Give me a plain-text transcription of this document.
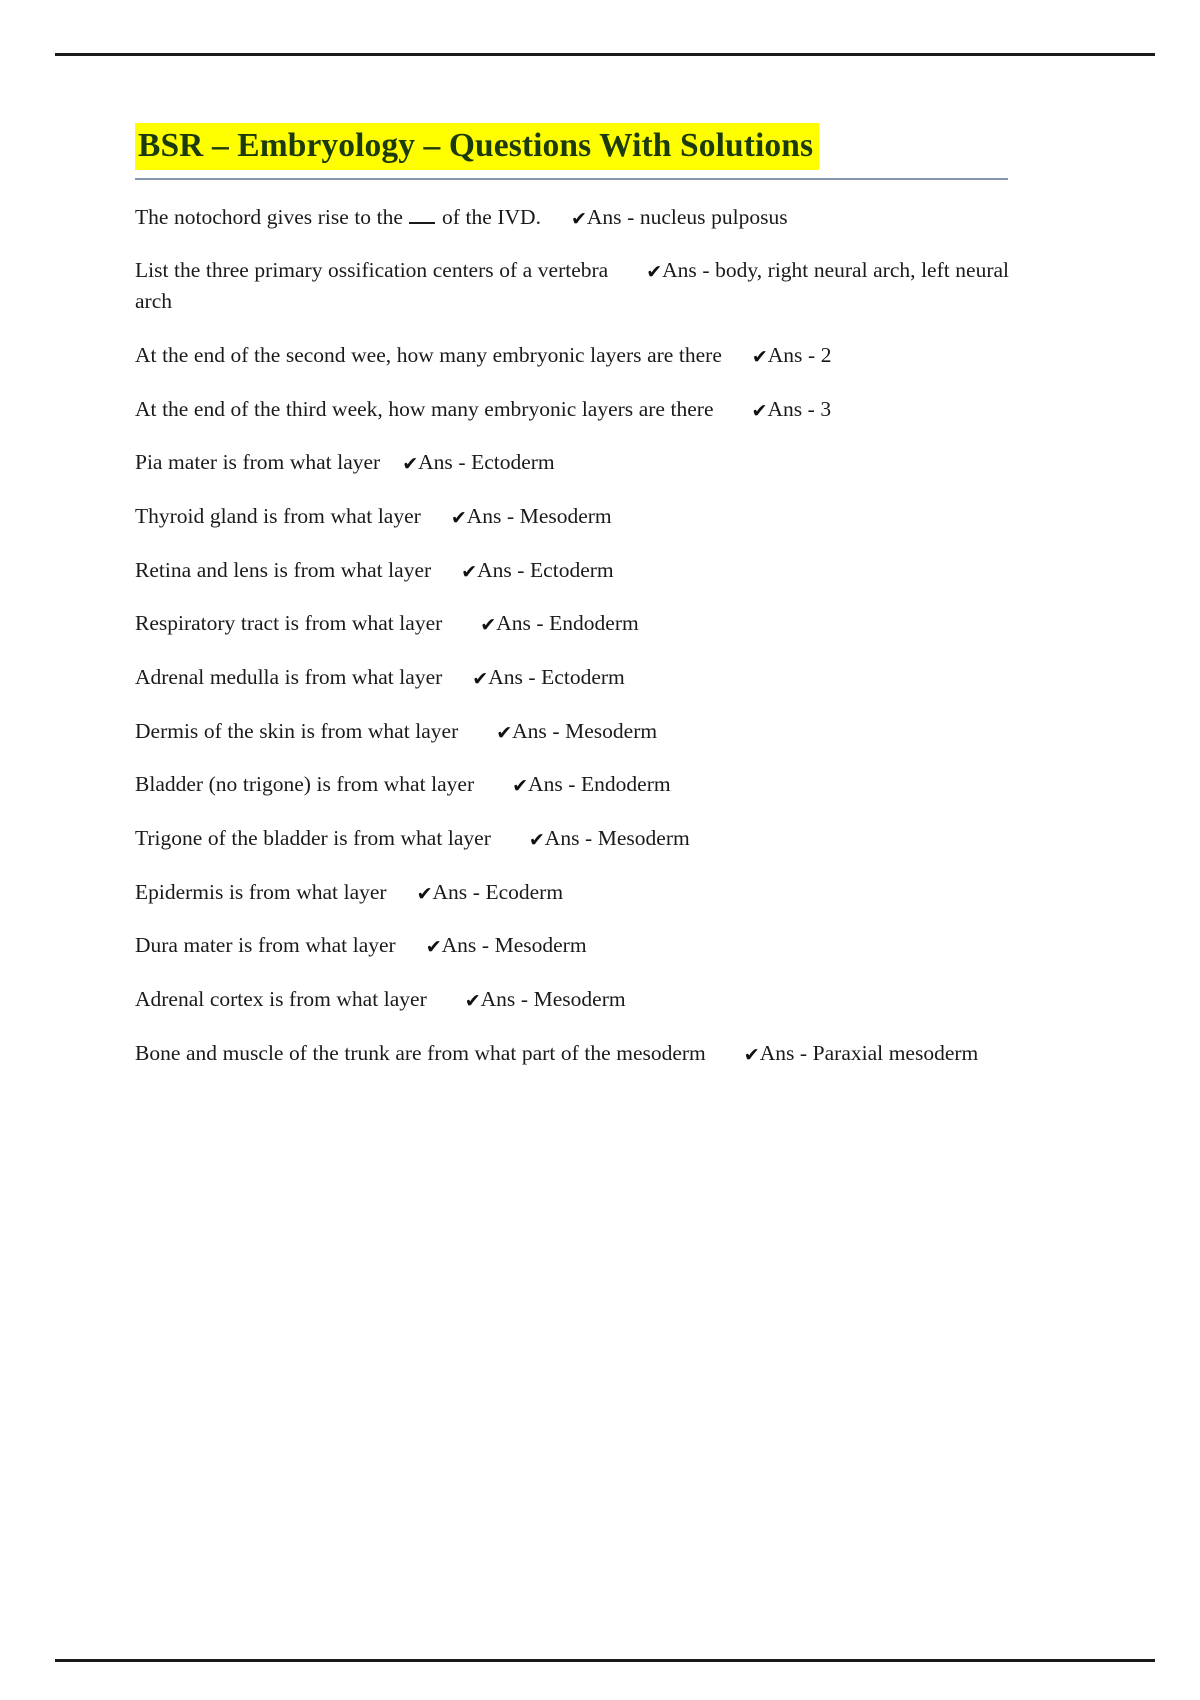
BSR – Embryology – Questions With Solutions

The notochord gives rise to the  of the IVD. ✔Ans - nucleus pulposus

List the three primary ossification centers of a vertebra ✔Ans - body, right neural arch, left neural arch

At the end of the second wee, how many embryonic layers are there ✔Ans - 2

At the end of the third week, how many embryonic layers are there ✔Ans - 3

Pia mater is from what layer ✔Ans - Ectoderm

Thyroid gland is from what layer ✔Ans - Mesoderm

Retina and lens is from what layer ✔Ans - Ectoderm

Respiratory tract is from what layer ✔Ans - Endoderm

Adrenal medulla is from what layer ✔Ans - Ectoderm

Dermis of the skin is from what layer ✔Ans - Mesoderm

Bladder (no trigone) is from what layer ✔Ans - Endoderm

Trigone of the bladder is from what layer ✔Ans - Mesoderm

Epidermis is from what layer ✔Ans - Ecoderm

Dura mater is from what layer ✔Ans - Mesoderm

Adrenal cortex is from what layer ✔Ans - Mesoderm

Bone and muscle of the trunk are from what part of the mesoderm ✔Ans - Paraxial mesoderm
